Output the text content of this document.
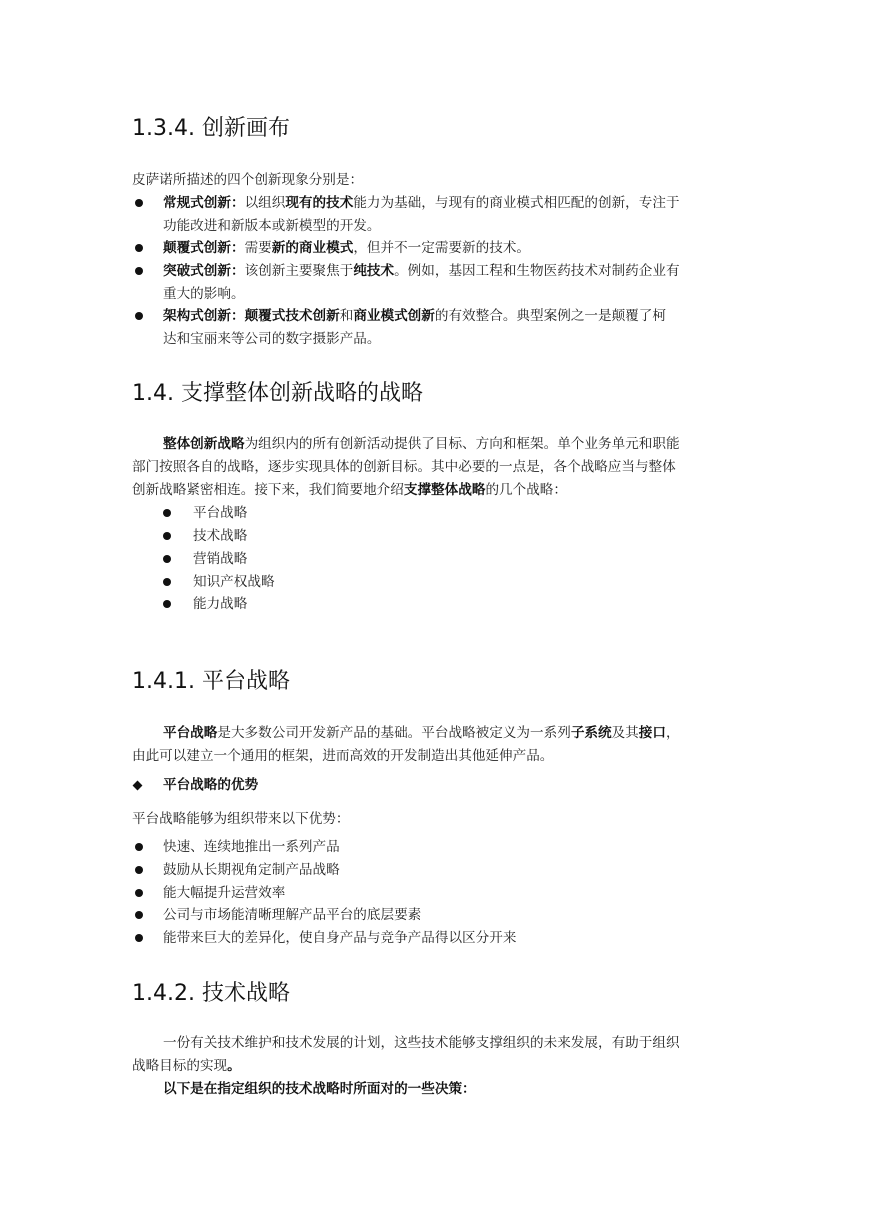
1.3.4. 创新画布
皮萨诺所描述的四个创新现象分别是：
常规式创新：以组织现有的技术能力为基础，与现有的商业模式相匹配的创新，专注于
功能改进和新版本或新模型的开发。
颠覆式创新：需要新的商业模式，但并不一定需要新的技术。
突破式创新：该创新主要聚焦于纯技术。例如，基因工程和生物医药技术对制药企业有
重大的影响。
架构式创新：颠覆式技术创新和商业模式创新的有效整合。典型案例之一是颠覆了柯
达和宝丽来等公司的数字摄影产品。
1.4. 支撑整体创新战略的战略
整体创新战略为组织内的所有创新活动提供了目标、方向和框架。单个业务单元和职能
部门按照各自的战略，逐步实现具体的创新目标。其中必要的一点是，各个战略应当与整体
创新战略紧密相连。接下来，我们简要地介绍支撑整体战略的几个战略：
平台战略
技术战略
营销战略
知识产权战略
能力战略
1.4.1. 平台战略
平台战略是大多数公司开发新产品的基础。平台战略被定义为一系列子系统及其接口，
由此可以建立一个通用的框架，进而高效的开发制造出其他延伸产品。
平台战略的优势
平台战略能够为组织带来以下优势：
快速、连续地推出一系列产品
鼓励从长期视角定制产品战略
能大幅提升运营效率
公司与市场能清晰理解产品平台的底层要素
能带来巨大的差异化，使自身产品与竞争产品得以区分开来
1.4.2. 技术战略
一份有关技术维护和技术发展的计划，这些技术能够支撑组织的未来发展，有助于组织
战略目标的实现。
以下是在指定组织的技术战略时所面对的一些决策：
